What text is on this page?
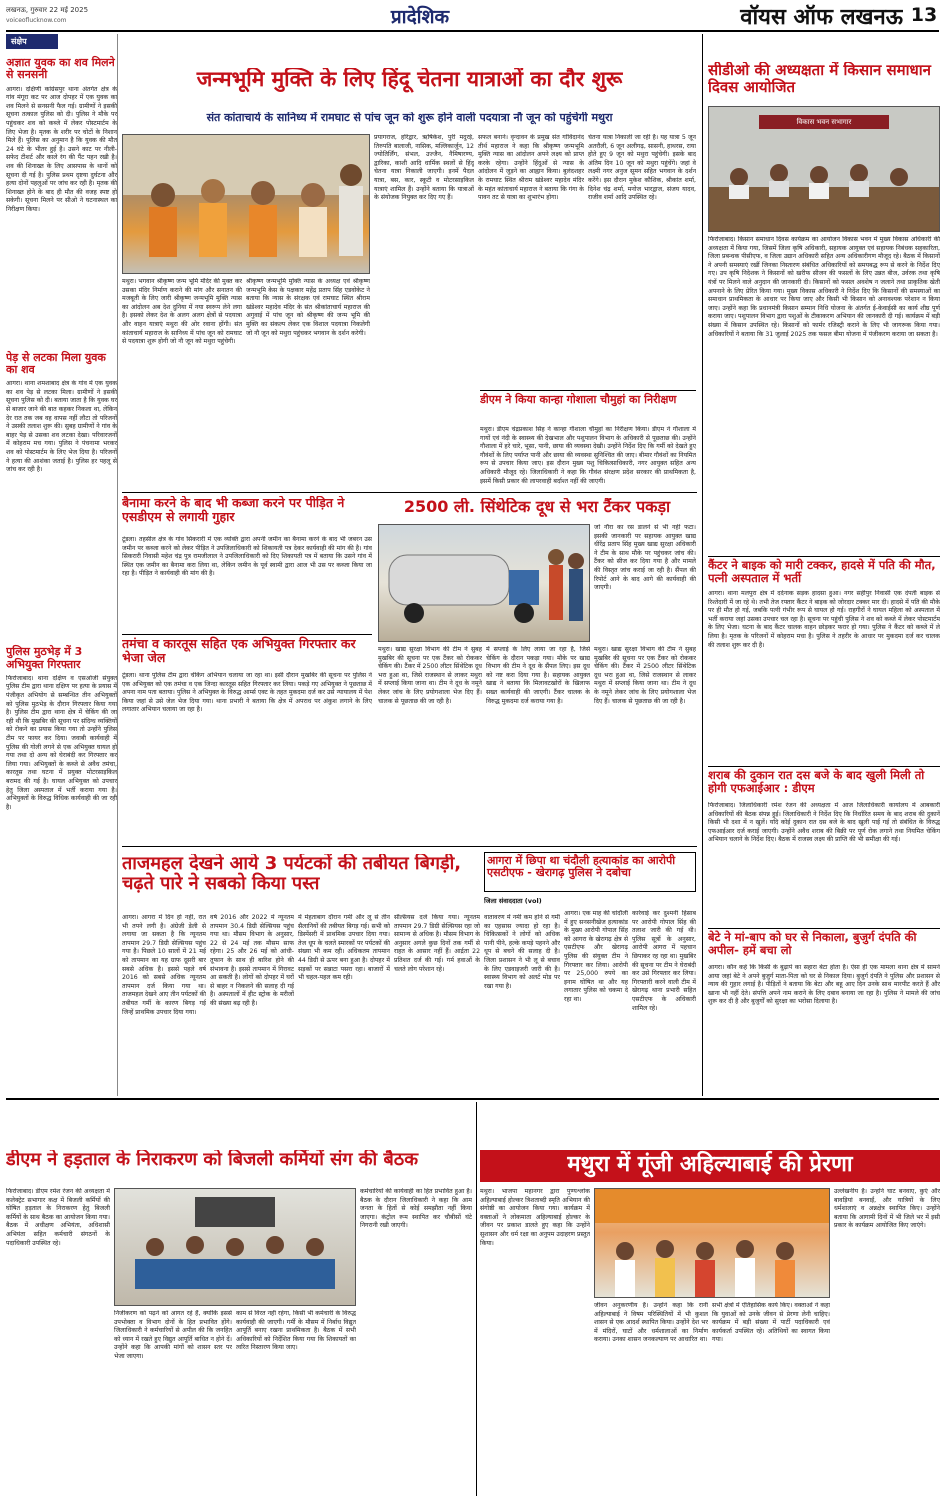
लखनऊ, गुरुवार 22 मई 2025
voiceoflucknow.com	प्रादेशिक	वॉयस ऑफ लखनऊ 13
संक्षेप
अज्ञात युवक का शव मिलने से सनसनी
आगरा। दक्षिणी कांग्रेसपुर थाना अंतर्गत क्षेत्र के गांव मंगूरा कट पर आज दोपहर में एक युवक का शव मिलने से सनसनी फैल गई। ग्रामीणों ने इसकी सूचना तत्काल पुलिस को दी। पुलिस ने मौके पर पहुंचकर शव को कब्जे में लेकर पोस्टमार्टम के लिए भेजा है। मृतक के शरीर पर चोटों के निशान मिले हैं। पुलिस का अनुमान है कि युवक की मौत 24 घंटे के भीतर हुई है। उसने काट पर नीली-सफेद टीशर्ट और काले रंग की पैंट पहन रखी है। शव की शिनाख्त के लिए आसपास के थानों को सूचना दी गई है। पुलिस प्रथम दृष्टया दुर्घटना और हत्या दोनों पहलुओं पर जांच कर रही है। मृतक की शिनाख्त होने के बाद ही मौत की वजह स्पष्ट हो सकेगी। सूचना मिलने पर सीओ ने घटनास्थल का निरीक्षण किया।
पेड़ से लटका मिला युवक का शव
आगरा। थाना शमशाबाद क्षेत्र के गांव में एक युवक का शव पेड़ से लटका मिला। ग्रामीणों ने इसकी सूचना पुलिस को दी। बताया जाता है कि युवक घर से बाजार जाने की बात कहकर निकला था, लेकिन देर रात तक जब वह वापस नहीं लौटा तो परिजनों ने उसकी तलाश शुरू की। सुबह ग्रामीणों ने गांव के बाहर पेड़ से उसका शव लटका देखा। परिवारजनों में कोहराम मच गया। पुलिस ने पंचनामा भरकर शव को पोस्टमार्टम के लिए भेज दिया है। परिजनों ने हत्या की आशंका जताई है। पुलिस हर पहलू से जांच कर रही है।
पुलिस मुठभेड़ में 3 अभियुक्त गिरफ्तार
फिरोजाबाद। थाना दक्षिण व एसओजी संयुक्त पुलिस टीम द्वारा थाना दक्षिण पर हत्या के प्रयास में पंजीकृत अभियोग से सम्बन्धित तीन अभियुक्तों को पुलिस मुठभेड़ के दौरान गिरफ्तार किया गया है। पुलिस टीम द्वारा थाना क्षेत्र में चेकिंग की जा रही थी कि मुखबिर की सूचना पर संदिग्ध व्यक्तियों को रोकने का प्रयास किया गया तो उन्होंने पुलिस टीम पर फायर कर दिया। जवाबी कार्यवाही में पुलिस की गोली लगने से एक अभियुक्त घायल हो गया तथा दो अन्य को घेराबंदी कर गिरफ्तार कर लिया गया। अभियुक्तों के कब्जे से अवैध तमंचा, कारतूस तथा घटना में प्रयुक्त मोटरसाइकिल बरामद की गई है। घायल अभियुक्त को उपचार हेतु जिला अस्पताल में भर्ती कराया गया है। अभियुक्तों के विरुद्ध विधिक कार्यवाही की जा रही है।
जन्मभूमि मुक्ति के लिए हिंदू चेतना यात्राओं का दौर शुरू
संत कांताचार्य के सानिध्य में रामघाट से पांच जून को शुरू होने वाली पदयात्रा नौ जून को पहुंचेगी मथुरा
मथुरा। भगवान श्रीकृष्ण जन्म भूमि मंदिर की मुक्त कर उसका मंदिर निर्माण कराने की मांग और सनातन की मजबूती के लिए जारी श्रीकृष्ण जन्मभूमि मुक्ति न्यास का आंदोलन अब देश दुनिया में नया स्वरूप लेने लगा है। इसको लेकर देश के अलग अलग क्षेत्रों से पदयात्रा और वाहन यात्राएं मथुरा की ओर रवाना होंगी। संत कांताचार्य महाराज के सानिध्य में पांच जून को रामघाट से पदयात्रा शुरू होगी जो नौ जून को मथुरा पहुंचेगी।
श्रीकृष्ण जन्मभूमि मुक्ति न्यास के अध्यक्ष एवं श्रीकृष्ण जन्मभूमि केस के पक्षकार महेंद्र प्रताप सिंह एडवोकेट ने बताया कि न्यास के संरक्षक एवं रामघाट स्थित श्रीराम खंडेश्वर महादेव मंदिर के संत श्रीकांताचार्य महाराज की अगुवाई में पांच जून को श्रीकृष्ण की जन्म भूमि की मुक्ति का संकल्प लेकर एक विशाल पदयात्रा निकलेगी जो नौ जून को मथुरा पहुंचकर भगवान के दर्शन करेगी।
प्रयागराज, हरिद्वार, ऋषिकेश, पुरी मदुरई, तिरुपति बालाजी, नासिक, मल्लिकार्जुन, 12 ज्योतिर्लिंग, संभल, उज्जैन, नैमिषारण्य, द्वारिका, काशी आदि धार्मिक स्थलों से हिंदू चेतना यात्रा निकाली जाएगी। इनमें पैदल यात्रा, बस, कार, स्कूटी व मोटरसाइकिल यात्राएं शामिल हैं। उन्होंने बताया कि यात्राओं के संयोजक नियुक्त कर दिए गए हैं।
सफल बनाने। वृन्दावन के प्रमुख संत गोविंदानंद तीर्थ महाराज ने कहा कि श्रीकृष्ण जन्मभूमि मुक्ति न्यास का आंदोलन अपने लक्ष्य को प्राप्त करके रहेगा। उन्होंने हिंदुओं से न्यास के आंदोलन में जुड़ने का आह्वान किया। बुलंदशहर के रामघाट स्थित श्रीराम खंडेश्वर महादेव मंदिर के महंत कांताचार्य महाराज ने बताया कि गंगा के पावन तट से यात्रा का शुभारंभ होगा।
चेतना यात्रा निकाली जा रही है। यह यात्रा 5 जून अतरौली, 6 जून अलीगढ़, सासनी, हाथरस, राया होते हुए 9 जून को मथुरा पहुंचेगी। इसके बाद अंतिम दिन 10 जून को मथुरा पहुंचेंगे। जहां वे लक्ष्मी नगर अनुज सूमन सहित भगवान के दर्शन करेंगे। इस दौरान मुकेश कौशिक, श्रीकांत शर्मा, दिनेश चंद्र शर्मा, मनोज भारद्वाज, संजय यादव, राजीव शर्मा आदि उपस्थित रहे।
डीएम ने किया कान्हा गोशाला चौमुहां का निरीक्षण
मथुरा। डीएम चंद्रप्रकाश सिंह ने कान्हा गौशाला चौमुहां का निरीक्षण किया। डीएम ने गौशाला में गायों एवं नंदी के स्वास्थ्य की देखभाल और पशुपालन विभाग के अधिकारी से पूछताछ की। उन्होंने गौशाला में हरे चारे, भूसा, पानी, छाया की व्यवस्था देखी। उन्होंने निर्देश दिए कि गर्मी को देखते हुए गौवंशों के लिए पर्याप्त पानी और छाया की व्यवस्था सुनिश्चित की जाए। बीमार गौवंशों का नियमित रूप से उपचार किया जाए। इस दौरान मुख्य पशु चिकित्साधिकारी, नगर आयुक्त सहित अन्य अधिकारी मौजूद रहे। जिलाधिकारी ने कहा कि गौवंश संरक्षण प्रदेश सरकार की प्राथमिकता है, इसमें किसी प्रकार की लापरवाही बर्दाश्त नहीं की जाएगी।
बैनामा करने के बाद भी कब्जा करने पर पीड़ित ने एसडीएम से लगायी गुहार
टूंडला। तहसील क्षेत्र के गांव सिकरारी में एक व्यक्ति द्वारा अपनी जमीन का बैनामा करने के बाद भी जबरन उस जमीन पर कब्जा करने को लेकर पीड़ित ने उपजिलाधिकारी को शिकायती पत्र देकर कार्यवाही की मांग की है। गांव सिकरारी निवासी महेश चंद्र पुत्र रामजीलाल ने उपजिलाधिकारी को दिए शिकायती पत्र में बताया कि उसने गांव में स्थित एक जमीन का बैनामा करा लिया था, लेकिन जमीन के पूर्व स्वामी द्वारा आज भी उस पर कब्जा किया जा रहा है। पीड़ित ने कार्यवाही की मांग की है।
तमंचा व कारतूस सहित एक अभियुक्त गिरफ्तार कर भेजा जेल
टूंडला। थाना पुलिस टीम द्वारा चेकिंग अभियान चलाया जा रहा था। इसी दौरान मुखबिर की सूचना पर पुलिस ने एक अभियुक्त को एक तमंचा व एक जिन्दा कारतूस सहित गिरफ्तार कर लिया। पकड़े गए अभियुक्त ने पूछताछ में अपना नाम पता बताया। पुलिस ने अभियुक्त के विरुद्ध आर्म्स एक्ट के तहत मुकदमा दर्ज कर उसे न्यायालय में पेश किया जहां से उसे जेल भेज दिया गया। थाना प्रभारी ने बताया कि क्षेत्र में अपराध पर अंकुश लगाने के लिए लगातार अभियान चलाया जा रहा है।
2500 ली. सिंथेटिक दूध से भरा टैंकर पकड़ा
जो नौरा का रस डालने से भी नहीं फटा। इसकी जानकारी पर सहायक आयुक्त खाद्य धीरेंद्र प्रताप सिंह मुख्य खाद्य सुरक्षा अधिकारी ने टीम के साथ मौके पर पहुंचकर जांच की। टैंकर को सीज कर दिया गया है और मामले की विस्तृत जांच कराई जा रही है। सैंपल की रिपोर्ट आने के बाद आगे की कार्यवाही की जाएगी।
मथुरा। खाद्य सुरक्षा विभाग की टीम ने सुबह मुखबिर की सूचना पर एक टैंकर को रोककर चेकिंग की। टैंकर में 2500 लीटर सिंथेटिक दूध भरा हुआ था, जिसे राजस्थान से लाकर मथुरा में सप्लाई किया जाना था। टीम ने दूध के नमूने लेकर जांच के लिए प्रयोगशाला भेज दिए हैं। चालक से पूछताछ की जा रही है।
में सप्लाई के लिए लाया जा रहा है, जिसे चेकिंग के दौरान पकड़ा गया। मौके पर खाद्य विभाग की टीम ने दूध के सैंपल लिए। इस दूध को नष्ट करा दिया गया है। सहायक आयुक्त खाद्य ने बताया कि मिलावटखोरों के खिलाफ सख्त कार्यवाही की जाएगी। टैंकर चालक के विरुद्ध मुकदमा दर्ज कराया गया है।
मथुरा। खाद्य सुरक्षा विभाग की टीम ने सुबह मुखबिर की सूचना पर एक टैंकर को रोककर चेकिंग की। टैंकर में 2500 लीटर सिंथेटिक दूध भरा हुआ था, जिसे राजस्थान से लाकर मथुरा में सप्लाई किया जाना था। टीम ने दूध के नमूने लेकर जांच के लिए प्रयोगशाला भेज दिए हैं। चालक से पूछताछ की जा रही है।
ताजमहल देखने आये 3 पर्यटकों की तबीयत बिगड़ी, चढ़ते पारे ने सबको किया पस्त
आगरा। आगरा में दिन हो नहीं, रात भी तपने लगी है। अंग्रेजी डेली से लगाया जा सकता है कि न्यूनतम तापमान 29.7 डिग्री सेल्सियस पहुंच गया है। पिछले 10 सालों में 21 मई को तापमान का यह ग्राफ दूसरी बार सबसे अधिक है। इससे पहले वर्ष 2016 को सबसे अधिक न्यूनतम तापमान दर्ज किया गया था। ताजमहल देखने आए तीन पर्यटकों की तबीयत गर्मी के कारण बिगड़ गई जिन्हें प्राथमिक उपचार दिया गया।
वर्ष 2016 और 2022 में न्यूनतम तापमान 30.4 डिग्री सेल्सियस पहुंच गया था। मौसम विभाग के अनुसार, 22 से 24 मई तक मौसम साफ रहेगा। 25 और 26 मई को आंधी-तूफान के साथ ही बारिश होने की संभावना है। इससे तापमान में गिरावट आ सकती है। लोगों को दोपहर में घरों से बाहर न निकलने की सलाह दी गई है। अस्पतालों में हीट स्ट्रोक के मरीजों की संख्या बढ़ रही है।
में मेहताबाग दौरान गर्मी और लू से तीन सैलानियों की तबीयत बिगड़ गई। सभी को डिस्पेंसरी में प्राथमिक उपचार दिया गया। तेज धूप के चलते स्मारकों पर पर्यटकों की संख्या भी कम रही। अधिकतम तापमान 44 डिग्री से ऊपर बना हुआ है। दोपहर में सड़कों पर सन्नाटा पसरा रहा। बाजारों में भी चहल-पहल कम रही।
सेल्सियस दर्ज किया गया। न्यूनतम तापमान 29.7 डिग्री सेल्सियस रहा जो सामान्य से अधिक है। मौसम विभाग के अनुसार अगले कुछ दिनों तक गर्मी से राहत के आसार नहीं हैं। आर्द्रता 22 प्रतिशत दर्ज की गई। गर्म हवाओं के चलते लोग परेशान रहे।
वातावरण में नमी कम होने से गर्मी का एहसास ज्यादा हो रहा है। चिकित्सकों ने लोगों को अधिक पानी पीने, हल्के कपड़े पहनने और धूप से बचने की सलाह दी है। जिला प्रशासन ने भी लू से बचाव के लिए एडवाइजरी जारी की है। स्वास्थ्य विभाग को अलर्ट मोड पर रखा गया है।
आगरा में छिपा था चंदौली हत्याकांड का आरोपी एसटीएफ - खेरागढ़ पुलिस ने दबोचा
जिला संवाददाता (vol)
आगरा। एक माह की चांदौली में हुए सनसनीखेज हत्याकांड के मुख्य आरोपी गोपाल सिंह को आगरा के खेरागढ़ क्षेत्र से एसटीएफ और खेरागढ़ पुलिस की संयुक्त टीम ने गिरफ्तार कर लिया। आरोपी पर 25,000 रुपये का इनाम घोषित था और यह लगातार पुलिस को चकमा दे रहा था।
कार्रवाई कर दुश्मनी हिसाब पर आरोपी गोपाल सिंह की तलाश जारी की गई थी। पुलिस सूत्रों के अनुसार, आरोपी आगरा में पहचान छिपाकर रह रहा था। मुखबिर की सूचना पर टीम ने घेराबंदी कर उसे गिरफ्तार कर लिया। गिरफ्तारी करने वाली टीम में खेरागढ़ थाना प्रभारी सहित एसटीएफ के अधिकारी शामिल रहे।
सीडीओ की अध्यक्षता में किसान समाधान दिवस आयोजित
विकास भवन सभागार
फिरोजाबाद। किसान समाधान दिवस कार्यक्रम का आयोजन विकास भवन में मुख्य विकास अधिकारी की अध्यक्षता में किया गया, जिसमें जिला कृषि अधिकारी, सहायक आयुक्त एवं सहायक निबंधक सहकारिता, जिला प्रबन्धक पीसीएफ, व जिला उद्यान अधिकारी सहित अन्य अधिकारीगण मौजूद रहे। बैठक में किसानों ने अपनी समस्याएं रखीं जिनका निस्तारण संबंधित अधिकारियों को समयबद्ध रूप से करने के निर्देश दिए गए। उप कृषि निदेशक ने किसानों को खरीफ सीजन की फसलों के लिए उन्नत बीज, उर्वरक तथा कृषि यंत्रों पर मिलने वाले अनुदान की जानकारी दी। किसानों को फसल अवशेष न जलाने तथा प्राकृतिक खेती अपनाने के लिए प्रेरित किया गया। मुख्य विकास अधिकारी ने निर्देश दिए कि किसानों की समस्याओं का समाधान प्राथमिकता के आधार पर किया जाए और किसी भी किसान को अनावश्यक परेशान न किया जाए। उन्होंने कहा कि प्रधानमंत्री किसान सम्मान निधि योजना के अंतर्गत ई-केवाईसी का कार्य शीघ्र पूर्ण कराया जाए। पशुपालन विभाग द्वारा पशुओं के टीकाकरण अभियान की जानकारी दी गई। कार्यक्रम में बड़ी संख्या में किसान उपस्थित रहे। किसानों को फार्मर रजिस्ट्री कराने के लिए भी जागरूक किया गया। अधिकारियों ने बताया कि 31 जुलाई 2025 तक फसल बीमा योजना में पंजीकरण कराया जा सकता है।
कैंटर ने बाइक को मारी टक्कर, हादसे में पति की मौत, पत्नी अस्पताल में भर्ती
आगरा। थाना मलपुरा क्षेत्र में दर्दनाक सड़क हादसा हुआ। नगर सहीपुर निवासी एक दंपती बाइक से रिश्तेदारी में जा रहे थे। तभी तेज रफ्तार कैंटर ने बाइक को जोरदार टक्कर मार दी। हादसे में पति की मौके पर ही मौत हो गई, जबकि पत्नी गंभीर रूप से घायल हो गई। राहगीरों ने घायल महिला को अस्पताल में भर्ती कराया जहां उसका उपचार चल रहा है। सूचना पर पहुंची पुलिस ने शव को कब्जे में लेकर पोस्टमार्टम के लिए भेजा। घटना के बाद कैंटर चालक वाहन छोड़कर फरार हो गया। पुलिस ने कैंटर को कब्जे में ले लिया है। मृतक के परिजनों में कोहराम मचा है। पुलिस ने तहरीर के आधार पर मुकदमा दर्ज कर चालक की तलाश शुरू कर दी है।
शराब की दुकान रात दस बजे के बाद खुली मिली तो होगी एफआईआर : डीएम
फिरोजाबाद। जिलाधिकारी रमेश रंजन की अध्यक्षता में आज जिलाधिकारी कार्यालय में आबकारी अधिकारियों की बैठक संपन्न हुई। जिलाधिकारी ने निर्देश दिए कि निर्धारित समय के बाद शराब की दुकानें किसी भी दशा में न खुलें। यदि कोई दुकान रात दस बजे के बाद खुली पाई गई तो संबंधित के विरुद्ध एफआईआर दर्ज कराई जाएगी। उन्होंने अवैध शराब की बिक्री पर पूर्ण रोक लगाने तथा नियमित चेकिंग अभियान चलाने के निर्देश दिए। बैठक में राजस्व लक्ष्य की प्राप्ति की भी समीक्षा की गई।
बेटे ने मां-बाप को घर से निकाला, बुजुर्ग दंपति की अपील- हमें बचा लो
आगरा। कौन कहे कि किसी के बुढ़ापे का सहारा बेटा होता है। ऐसा ही एक मामला थाना क्षेत्र में सामने आया जहां बेटे ने अपने बुजुर्ग माता-पिता को घर से निकाल दिया। बुजुर्ग दंपति ने पुलिस और प्रशासन से न्याय की गुहार लगाई है। पीड़ितों ने बताया कि बेटा और बहू आए दिन उनके साथ मारपीट करते हैं और खाना भी नहीं देते। संपत्ति अपने नाम कराने के लिए दबाव बनाया जा रहा है। पुलिस ने मामले की जांच शुरू कर दी है और बुजुर्गों को सुरक्षा का भरोसा दिलाया है।
डीएम ने हड़ताल के निराकरण को बिजली कर्मियों संग की बैठक
फिरोजाबाद। डीएम रमेश रंजन की अध्यक्षता में कलेक्ट्रेट सभागार कक्ष में बिजली कर्मियों की घोषित हड़ताल के निराकरण हेतु बिजली कर्मियों के साथ बैठक का आयोजन किया गया। बैठक में अधीक्षण अभियंता, अधिशासी अभियंता सहित कर्मचारी संगठनों के पदाधिकारी उपस्थित रहे।
निजीकरण को पढ़ने को आगत रहे हैं, क्योंकि इससे उपभोक्ता व विभाग दोनों के हित प्रभावित होंगे। जिलाधिकारी ने कर्मचारियों से अपील की कि जनहित को ध्यान में रखते हुए विद्युत आपूर्ति बाधित न होने दें। उन्होंने कहा कि आपकी मांगों को शासन स्तर पर भेजा जाएगा।
काम से विरत नहीं रहेगा, किसी भी कर्मचारी के विरुद्ध कार्यवाही की जाएगी। गर्मी के मौसम में निर्बाध विद्युत आपूर्ति बनाए रखना प्राथमिकता है। बैठक में सभी अधिकारियों को निर्देशित किया गया कि शिकायतों का त्वरित निस्तारण किया जाए।
कर्मचारियों की कार्यवाही का हित प्रभावित हुआ है। बैठक के दौरान जिलाधिकारी ने कहा कि आम जनता के हितों से कोई समझौता नहीं किया जाएगा। कंट्रोल रूम स्थापित कर चौबीसों घंटे निगरानी रखी जाएगी।
मथुरा में गूंजी अहिल्याबाई की प्रेरणा
मथुरा। भाजपा महानगर द्वारा पुण्यश्लोक अहिल्याबाई होल्कर त्रिशताब्दी स्मृति अभियान की संगोष्ठी का आयोजन किया गया। कार्यक्रम में वक्ताओं ने लोकमाता अहिल्याबाई होल्कर के जीवन पर प्रकाश डालते हुए कहा कि उन्होंने सुशासन और धर्म रक्षा का अनुपम उदाहरण प्रस्तुत किया।
जीवन अनुकरणीय है। उन्होंने कहा कि रानी अहिल्याबाई ने विषम परिस्थितियों में भी कुशल शासन से एक आदर्श स्थापित किया। उन्होंने देश भर में मंदिरों, घाटों और धर्मशालाओं का निर्माण कराया। उनका शासन जनकल्याण पर आधारित था।
सभी क्षेत्रों में ऐतिहासिक कार्य किए। वक्ताओं ने कहा कि युवाओं को उनके जीवन से प्रेरणा लेनी चाहिए। कार्यक्रम में बड़ी संख्या में पार्टी पदाधिकारी एवं कार्यकर्ता उपस्थित रहे। अतिथियों का स्वागत किया गया।
उल्लेखनीय है। उन्होंने घाट बनवाए, कुएं और बावड़ियां बनवाईं, और यात्रियों के लिए धर्मशालाएं व अन्नक्षेत्र स्थापित किए। उन्होंने बताया कि आगामी दिनों में भी जिले भर में इसी प्रकार के कार्यक्रम आयोजित किए जाएंगे।
